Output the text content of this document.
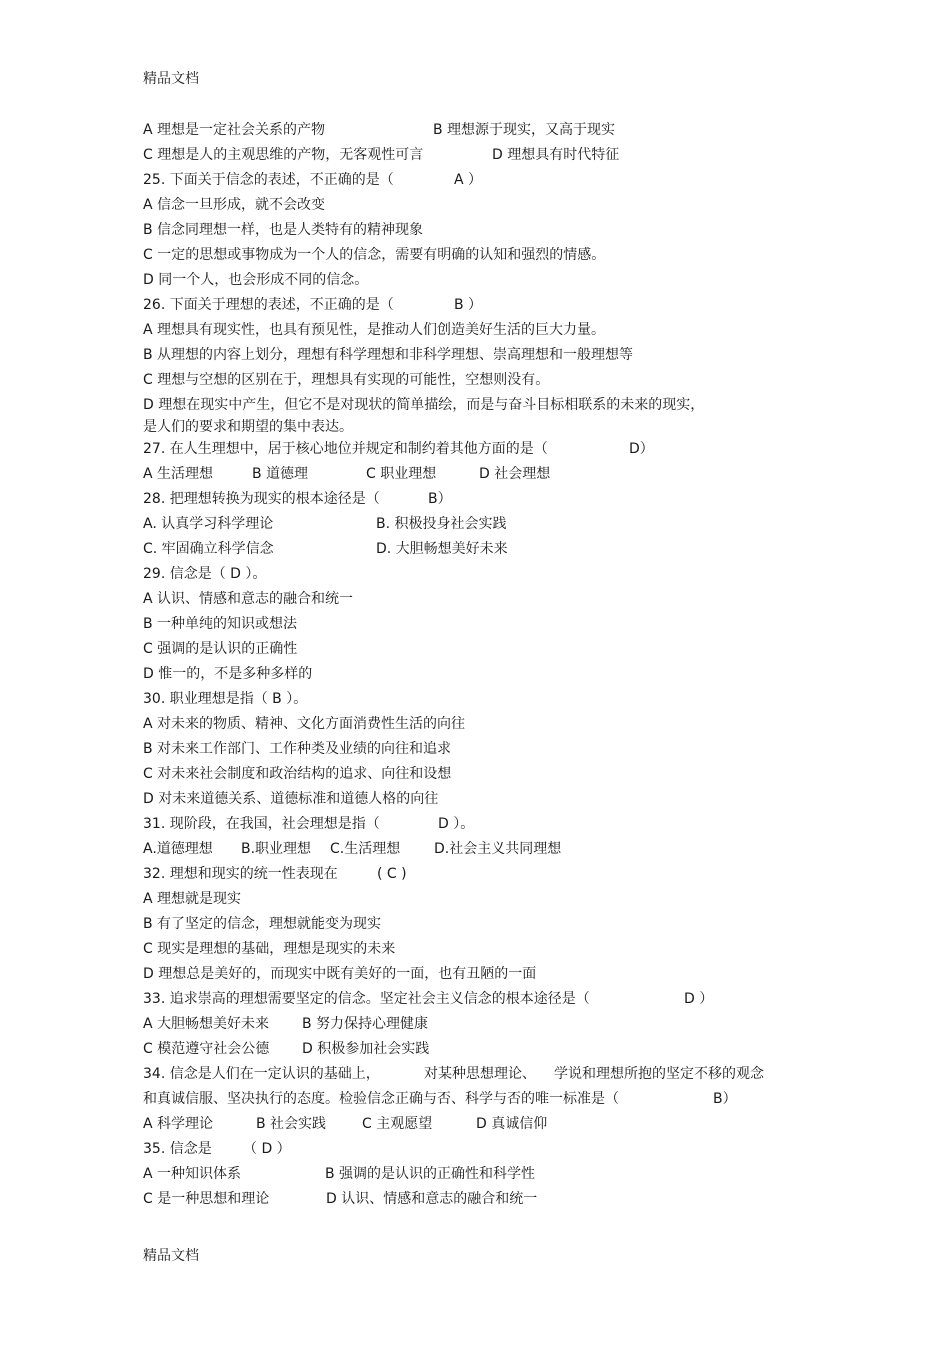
精品文档
A 理想是一定社会关系的产物	B 理想源于现实，又高于现实
C 理想是人的主观思维的产物，无客观性可言	D 理想具有时代特征
25. 下面关于信念的表述，不正确的是（	A ）
A 信念一旦形成，就不会改变
B 信念同理想一样，也是人类特有的精神现象
C 一定的思想或事物成为一个人的信念，需要有明确的认知和强烈的情感。
D 同一个人，也会形成不同的信念。
26. 下面关于理想的表述，不正确的是（	B ）
A 理想具有现实性，也具有预见性，是推动人们创造美好生活的巨大力量。
B 从理想的内容上划分，理想有科学理想和非科学理想、崇高理想和一般理想等
C 理想与空想的区别在于，理想具有实现的可能性，空想则没有。
D 理想在现实中产生，但它不是对现状的简单描绘，而是与奋斗目标相联系的未来的现实，
是人们的要求和期望的集中表达。
27. 在人生理想中，居于核心地位并规定和制约着其他方面的是（	D）
A 生活理想	B 道德理	C 职业理想	D 社会理想
28. 把理想转换为现实的根本途径是（	B）
A. 认真学习科学理论	B. 积极投身社会实践
C. 牢固确立科学信念	D. 大胆畅想美好未来
29. 信念是（ D ）。
A 认识、情感和意志的融合和统一
B 一种单纯的知识或想法
C 强调的是认识的正确性
D 惟一的，不是多种多样的
30. 职业理想是指（ B ）。
A 对未来的物质、精神、文化方面消费性生活的向往
B 对未来工作部门、工作种类及业绩的向往和追求
C 对未来社会制度和政治结构的追求、向往和设想
D 对未来道德关系、道德标准和道德人格的向往
31. 现阶段，在我国，社会理想是指（	D ）。
A.道德理想 B.职业理想 C.生活理想 D.社会主义共同理想
32. 理想和现实的统一性表现在	( C )
A 理想就是现实
B 有了坚定的信念，理想就能变为现实
C 现实是理想的基础，理想是现实的未来
D 理想总是美好的，而现实中既有美好的一面，也有丑陋的一面
33. 追求崇高的理想需要坚定的信念。坚定社会主义信念的根本途径是（	D ）
A 大胆畅想美好未来 B 努力保持心理健康
C 模范遵守社会公德 D 积极参加社会实践
34. 信念是人们在一定认识的基础上，	对某种思想理论、 学说和理想所抱的坚定不移的观念
和真诚信服、坚决执行的态度。检验信念正确与否、科学与否的唯一标准是（	B）
A 科学理论	B 社会实践	C 主观愿望	D 真诚信仰
35. 信念是 （ D ）
A 一种知识体系	B 强调的是认识的正确性和科学性
C 是一种思想和理论	D 认识、情感和意志的融合和统一
精品文档
